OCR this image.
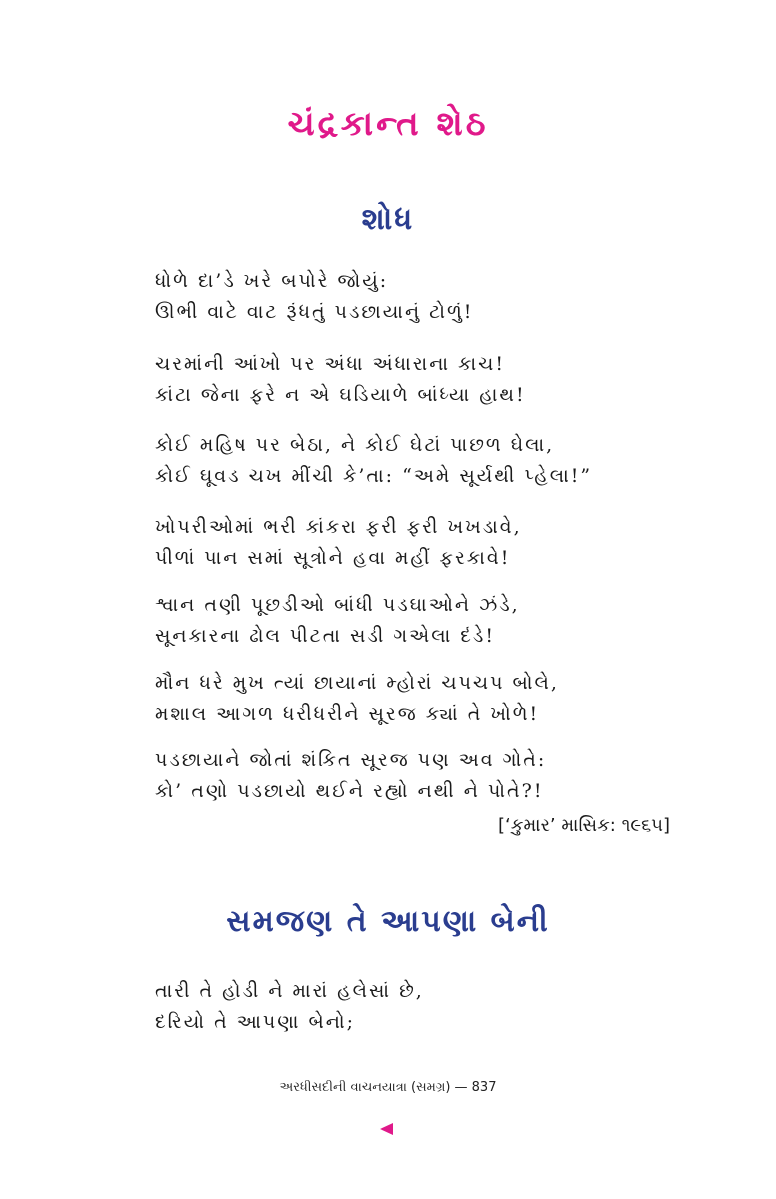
ચંદ્રકાન્ત શેઠ
શોધ
ધોળે દા’ડે ખરે બપોરે જોયું:
ઊભી વાટે વાટ રૂંધતું પડછાયાનું ટોળું!
ચરમાંની આંખો પર અંધા અંધારાના કાચ!
કાંટા જેના ફરે ન એ ઘડિયાળે બાંધ્યા હાથ!
કોઈ મહિષ પર બેઠા, ને કોઈ ઘેટાં પાછળ ઘેલા,
કોઈ ઘૂવડ ચખ મીંચી કે’તા: “અમે સૂર્યથી પ્હેલા!”
ખોપરીઓમાં ભરી કાંકરા ફરી ફરી ખખડાવે,
પીળાં પાન સમાં સૂત્રોને હવા મહીં ફરકાવે!
શ્વાન તણી પૂછડીઓ બાંધી પડઘાઓને ઝંડે,
સૂનકારના ઢોલ પીટતા સડી ગએલા દંડે!
મૌન ધરે મુખ ત્યાં છાયાનાં મ્હોરાં ચપચપ બોલે,
મશાલ આગળ ધરીધરીને સૂરજ ક્યાં તે ખોળે!
પડછાયાને જોતાં શંકિત સૂરજ પણ અવ ગોતે:
કો’ તણો પડછાયો થઈને રહ્યો નથી ને પોતે?!
[‘કુમાર’ માસિક: ૧૯૬૫]
સમજણ તે આપણા બેની
તારી તે હોડી ને મારાં હલેસાં છે,
દરિયો તે આપણા બેનો;
અરધીસદીની વાચનયાત્રા (સમગ્ર) — 837
